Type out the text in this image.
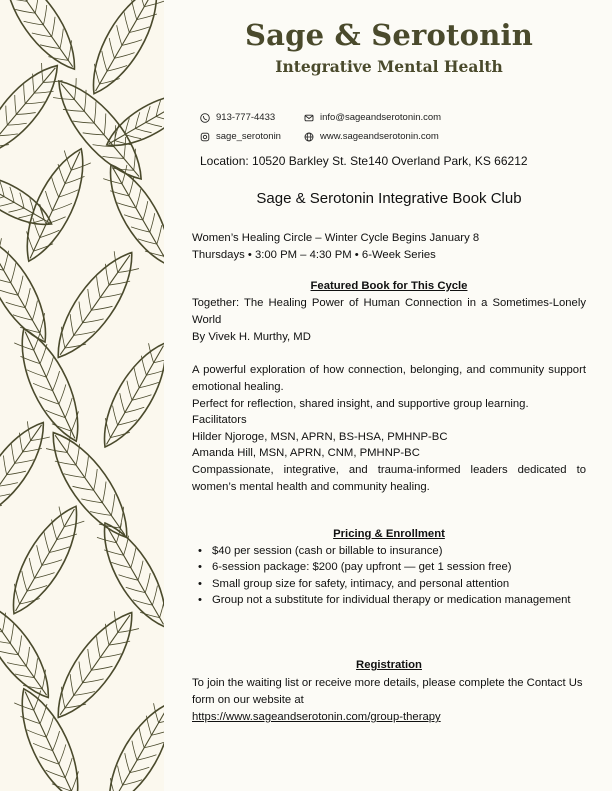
Sage & Serotonin
Integrative Mental Health
913-777-4433	info@sageandserotonin.com
sage_serotonin	www.sageandserotonin.com
Location: 10520 Barkley St. Ste140 Overland Park, KS 66212
Sage & Serotonin Integrative Book Club
Women’s Healing Circle – Winter Cycle Begins January 8
Thursdays • 3:00 PM – 4:30 PM • 6-Week Series
Featured Book for This Cycle
Together: The Healing Power of Human Connection in a Sometimes-Lonely World
By Vivek H. Murthy, MD
A powerful exploration of how connection, belonging, and community support emotional healing.
Perfect for reflection, shared insight, and supportive group learning.
Facilitators
Hilder Njoroge, MSN, APRN, BS-HSA, PMHNP-BC
Amanda Hill, MSN, APRN, CNM, PMHNP-BC
Compassionate, integrative, and trauma-informed leaders dedicated to women’s mental health and community healing.
Pricing & Enrollment
• $40 per session (cash or billable to insurance)
• 6-session package: $200 (pay upfront — get 1 session free)
• Small group size for safety, intimacy, and personal attention
• Group not a substitute for individual therapy or medication management
Registration
To join the waiting list or receive more details, please complete the Contact Us form on our website at
https://www.sageandserotonin.com/group-therapy
